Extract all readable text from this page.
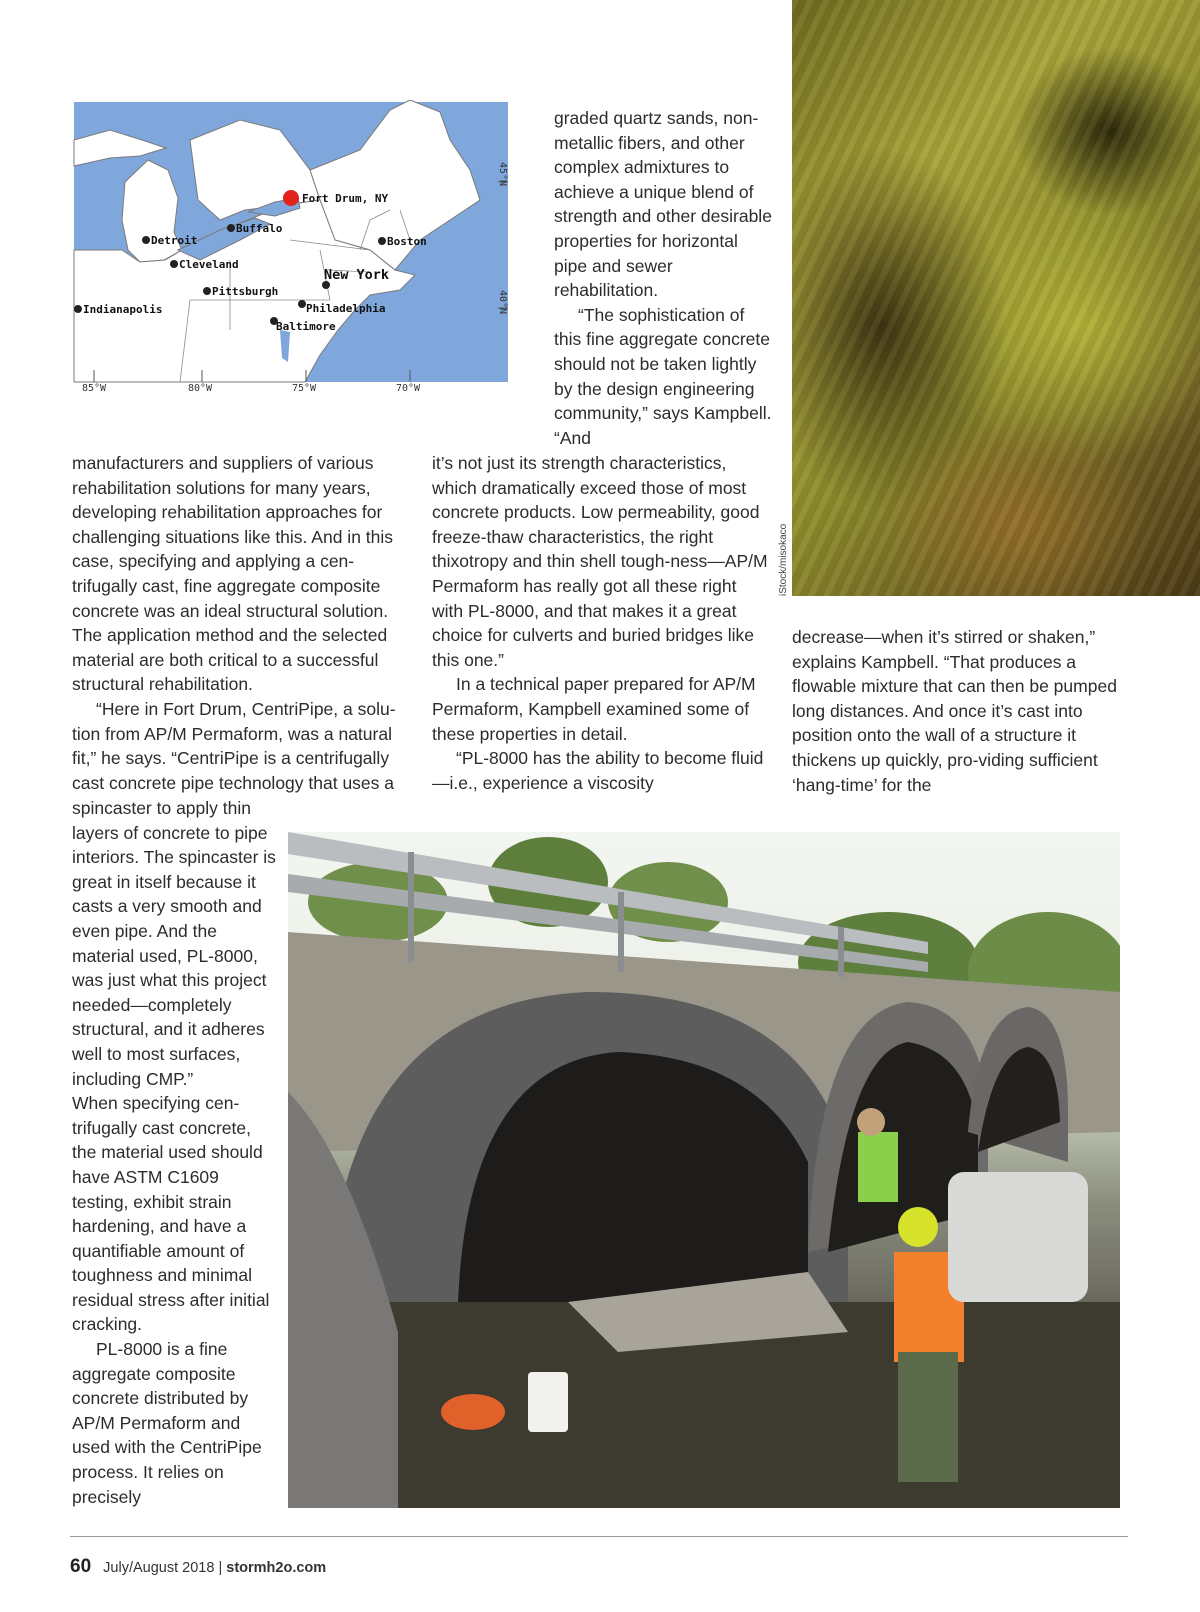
Fort Drum, NY
Buffalo
Detroit
Cleveland
Pittsburgh
Indianapolis
Boston
New York
Philadelphia
Baltimore
85°W	80°W	75°W	70°W
45°N
40°N

graded quartz sands, non-metallic fibers, and other complex admixtures to achieve a unique blend of strength and other desirable properties for horizontal pipe and sewer rehabilitation.

“The sophistication of this fine aggregate concrete should not be taken lightly by the design engineering community,” says Kampbell. “And

it’s not just its strength characteristics, which dramatically exceed those of most concrete products. Low permeability, good freeze-thaw characteristics, the right thixotropy and thin shell tough-ness—AP/M Permaform has really got all these right with PL-8000, and that makes it a great choice for culverts and buried bridges like this one.”

In a technical paper prepared for AP/M Permaform, Kampbell examined some of these properties in detail.

“PL-8000 has the ability to become fluid—i.e., experience a viscosity

manufacturers and suppliers of various rehabilitation solutions for many years, developing rehabilitation approaches for challenging situations like this. And in this case, specifying and applying a cen-trifugally cast, fine aggregate composite concrete was an ideal structural solution. The application method and the selected material are both critical to a successful structural rehabilitation.

“Here in Fort Drum, CentriPipe, a solu-tion from AP/M Permaform, was a natural fit,” he says. “CentriPipe is a centrifugally cast concrete pipe technology that uses a

spincaster to apply thin layers of concrete to pipe interiors. The spincaster is great in itself because it casts a very smooth and even pipe. And the material used, PL-8000, was just what this project needed—completely structural, and it adheres well to most surfaces, including CMP.”

When specifying cen-trifugally cast concrete, the material used should have ASTM C1609 testing, exhibit strain hardening, and have a quantifiable amount of toughness and minimal residual stress after initial cracking.

PL-8000 is a fine aggregate composite concrete distributed by AP/M Permaform and used with the CentriPipe process. It relies on precisely

decrease—when it’s stirred or shaken,” explains Kampbell. “That produces a flowable mixture that can then be pumped long distances. And once it’s cast into position onto the wall of a structure it thickens up quickly, pro-viding sufficient ‘hang-time’ for the

iStock/misokaco
60 July/August 2018 | stormh2o.com
